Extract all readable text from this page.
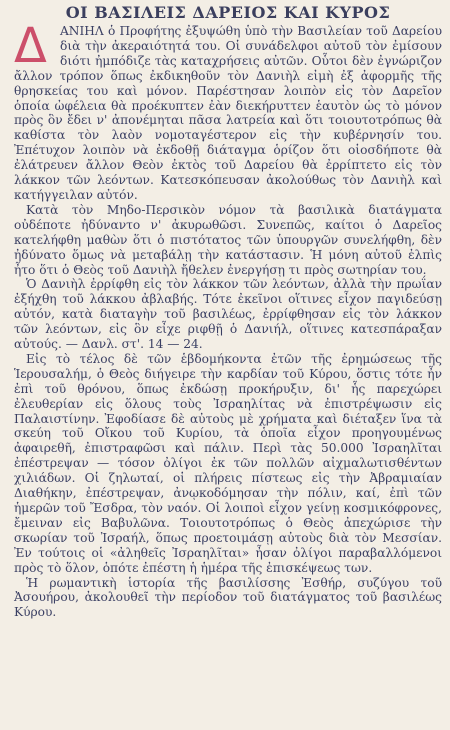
ΟΙ ΒΑΣΙΛΕΙΣ ΔΑΡΕΙΟΣ ΚΑΙ ΚΥΡΟΣ
Δ	ΑΝΙΗΛ ὁ Προφήτης ἐξυψώθη ὑπὸ τὴν Βασιλείαν τοῦ Δαρείου διὰ τὴν ἀκεραιότητά του. Οἱ συνάδελφοι αὐτοῦ τὸν ἐμίσουν διότι ἠμπόδιζε τὰς καταχρήσεις αὐτῶν. Οὗτοι δὲν ἐγνώριζον ἄλλον τρόπον ὅπως ἐκδικηθοῦν τὸν Δανιὴλ εἰμὴ ἐξ ἀφορμῆς τῆς θρησκείας του καὶ μόνον. Παρέστησαν λοιπὸν εἰς τὸν Δαρεῖον ὁποία ὠφέλεια θὰ προέκυπτεν ἐὰν διεκήρυττεν ἑαυτὸν ὡς τὸ μόνον πρὸς ὃν ἔδει ν' ἀπονέμηται πᾶσα λατρεία καὶ ὅτι τοιουτοτρόπως θὰ καθίστα τὸν λαὸν νομοταγέστερον εἰς τὴν κυβέρνησίν του. Ἐπέτυχον λοιπὸν νὰ ἐκδοθῇ διάταγμα ὁρίζον ὅτι οἱοσδήποτε θὰ ἐλάτρευεν ἄλλον Θεὸν ἐκτὸς τοῦ Δαρείου θὰ ἐρρίπτετο εἰς τὸν λάκκον τῶν λεόντων. Κατεσκόπευσαν ἀκολούθως τὸν Δανιὴλ καὶ κατήγγειλαν αὐτόν.

Κατὰ τὸν Μηδο-Περσικὸν νόμον τὰ βασιλικὰ διατάγματα οὐδέποτε ἠδύναντο ν' ἀκυρωθῶσι. Συνεπῶς, καίτοι ὁ Δαρεῖος κατελήφθη μαθὼν ὅτι ὁ πιστότατος τῶν ὑπουργῶν συνελήφθη, δὲν ἠδύνατο ὅμως νὰ μεταβάλῃ τὴν κατάστασιν. Ἡ μόνη αὐτοῦ ἐλπὶς ἦτο ὅτι ὁ Θεὸς τοῦ Δανιὴλ ἤθελεν ἐνεργήσῃ τι πρὸς σωτηρίαν του.

Ὁ Δανιὴλ ἐρρίφθη εἰς τὸν λάκκον τῶν λεόντων, ἀλλὰ τὴν πρωΐαν ἐξήχθη τοῦ λάκκου ἀβλαβής. Τότε ἐκεῖνοι οἵτινες εἶχον παγιδεύσῃ αὐτόν, κατὰ διαταγὴν τοῦ βασιλέως, ἐρρίφθησαν εἰς τὸν λάκκον τῶν λεόντων, εἰς ὃν εἶχε ριφθῇ ὁ Δανιήλ, οἵτινες κατεσπάραξαν αὐτούς. — Δανλ. στ'. 14 — 24.

Εἰς τὸ τέλος δὲ τῶν ἑβδομήκοντα ἐτῶν τῆς ἐρημώσεως τῆς Ἱερουσαλήμ, ὁ Θεὸς διήγειρε τὴν καρδίαν τοῦ Κύρου, ὅστις τότε ἦν ἐπὶ τοῦ θρόνου, ὅπως ἐκδώσῃ προκήρυξιν, δι' ἧς παρεχώρει ἐλευθερίαν εἰς ὅλους τοὺς Ἰσραηλίτας νὰ ἐπιστρέψωσιν εἰς Παλαιστίνην. Ἐφοδίασε δὲ αὐτοὺς μὲ χρήματα καὶ διέταξεν ἵνα τὰ σκεύη τοῦ Οἴκου τοῦ Κυρίου, τὰ ὁποῖα εἶχον προηγουμένως ἀφαιρεθῆ, ἐπιστραφῶσι καὶ πάλιν. Περὶ τὰς 50.000 Ἰσραηλῖται ἐπέστρεψαν — τόσον ὀλίγοι ἐκ τῶν πολλῶν αἰχμαλωτισθέντων χιλιάδων. Οἱ ζηλωταί, οἱ πλήρεις πίστεως εἰς τὴν Ἀβραμιαίαν Διαθήκην, ἐπέστρεψαν, ἀνῳκοδόμησαν τὴν πόλιν, καί, ἐπὶ τῶν ἡμερῶν τοῦ Ἔσδρα, τὸν ναόν. Οἱ λοιποὶ εἶχον γείνῃ κοσμικόφρονες, ἔμειναν εἰς Βαβυλῶνα. Τοιουτοτρόπως ὁ Θεὸς ἀπεχώρισε τὴν σκωρίαν τοῦ Ἰσραήλ, ὅπως προετοιμάσῃ αὐτοὺς διὰ τὸν Μεσσίαν. Ἐν τούτοις οἱ «ἀληθεῖς Ἰσραηλῖται» ἦσαν ὀλίγοι παραβαλλόμενοι πρὸς τὸ ὅλον, ὁπότε ἐπέστη ἡ ἡμέρα τῆς ἐπισκέψεως των.

Ἡ ρωμαντικὴ ἱστορία τῆς βασιλίσσης Ἐσθήρ, συζύγου τοῦ Ἀσουήρου, ἀκολουθεῖ τὴν περίοδον τοῦ διατάγματος τοῦ βασιλέως Κύρου.
